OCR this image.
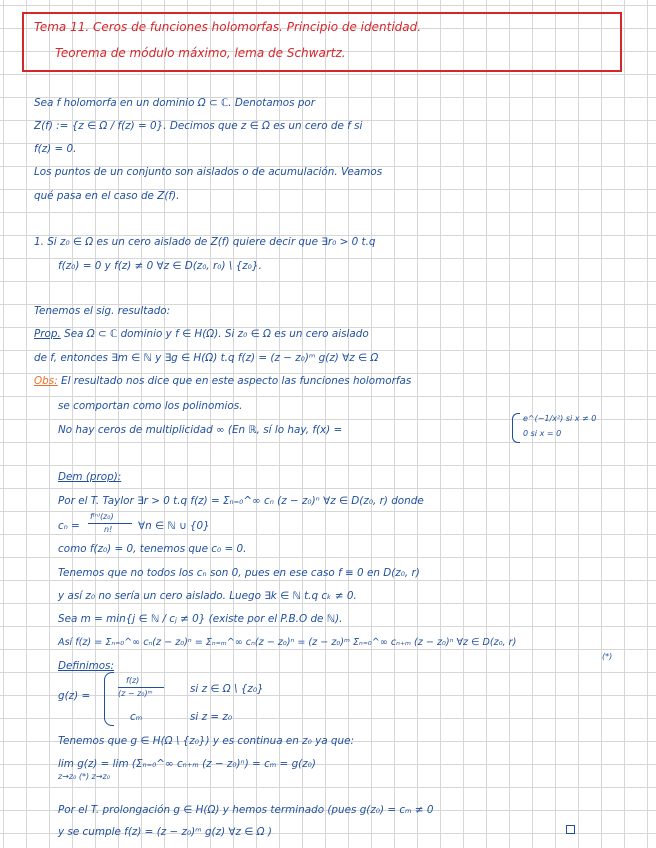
Tema 11. Ceros de funciones holomorfas. Principio de identidad.
Teorema de módulo máximo, lema de Schwartz.
Sea f holomorfa en un dominio Ω ⊂ ℂ. Denotamos por
Z(f) := {z ∈ Ω / f(z) = 0}. Decimos que z ∈ Ω es un cero de f si
f(z) = 0.
Los puntos de un conjunto son aislados o de acumulación. Veamos
qué pasa en el caso de Z(f).
1. Si z₀ ∈ Ω es un cero aislado de Z(f) quiere decir que ∃r₀ > 0 t.q
f(z₀) = 0 y f(z) ≠ 0 ∀z ∈ D(z₀, r₀) \ {z₀}.
Tenemos el sig. resultado:
Prop. Sea Ω ⊂ ℂ dominio y f ∈ H(Ω). Si z₀ ∈ Ω es un cero aislado
de f, entonces ∃m ∈ ℕ y ∃g ∈ H(Ω) t.q f(z) = (z − z₀)ᵐ g(z) ∀z ∈ Ω
Obs: El resultado nos dice que en este aspecto las funciones holomorfas
se comportan como los polinomios.
No hay ceros de multiplicidad ∞ (En ℝ, sí lo hay, f(x) =
e^(−1/x²) si x ≠ 0
0 si x = 0
Dem (prop):
Por el T. Taylor ∃r > 0 t.q f(z) = Σₙ₌₀^∞ cₙ (z − z₀)ⁿ ∀z ∈ D(z₀, r) donde
cₙ =
f⁽ⁿ⁾(z₀)
n! ∀n ∈ ℕ ∪ {0}
como f(z₀) = 0, tenemos que c₀ = 0.
Tenemos que no todos los cₙ son 0, pues en ese caso f ≡ 0 en D(z₀, r)
y así z₀ no sería un cero aislado. Luego ∃k ∈ ℕ t.q cₖ ≠ 0.
Sea m = min{j ∈ ℕ / cⱼ ≠ 0} (existe por el P.B.O de ℕ).
Así f(z) = Σₙ₌₀^∞ cₙ(z − z₀)ⁿ = Σₙ₌ₘ^∞ cₙ(z − z₀)ⁿ = (z − z₀)ᵐ Σₙ₌₀^∞ cₙ₊ₘ (z − z₀)ⁿ ∀z ∈ D(z₀, r)
(*)
Definimos:
g(z) =
f(z)
(z − z₀)ᵐ	si z ∈ Ω \ {z₀}
cₘ	si z = z₀
Tenemos que g ∈ H(Ω \ {z₀}) y es continua en z₀ ya que:
lim g(z) = lim (Σₙ₌₀^∞ cₙ₊ₘ (z − z₀)ⁿ) = cₘ = g(z₀)
z→z₀ (*) z→z₀
Por el T. prolongación g ∈ H(Ω) y hemos terminado (pues g(z₀) = cₘ ≠ 0
y se cumple f(z) = (z − z₀)ᵐ g(z) ∀z ∈ Ω )
